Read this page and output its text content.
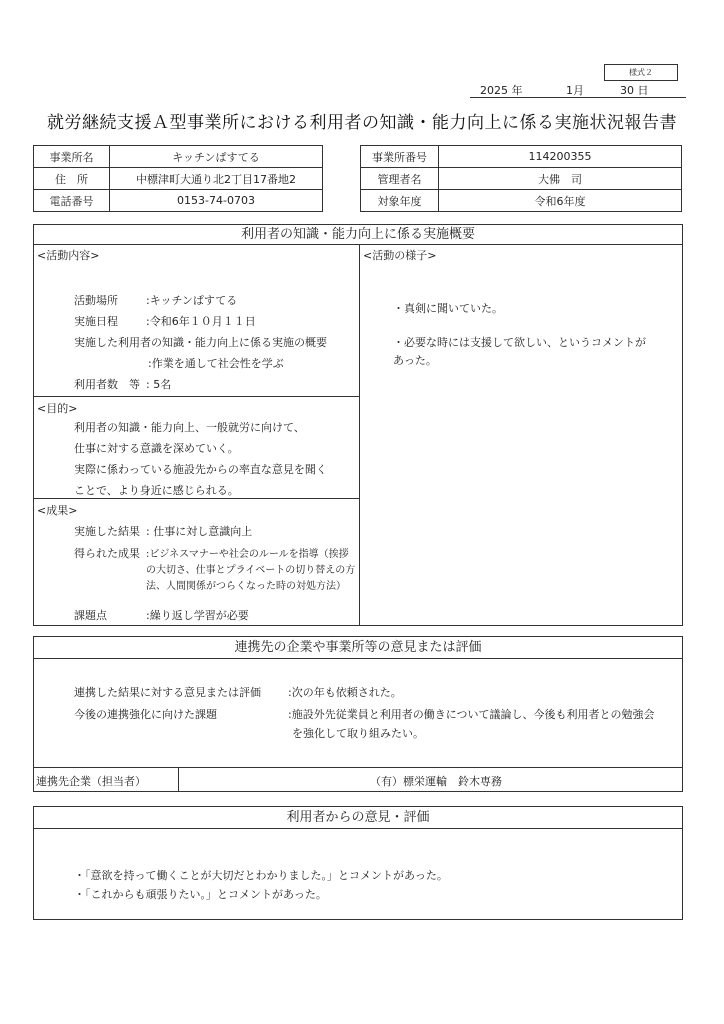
様式２
2025 年	1月	30 日
就労継続支援Ａ型事業所における利用者の知識・能力向上に係る実施状況報告書
事業所名	キッチンぱすてる
住　所	中標津町大通り北2丁目17番地2
電話番号	0153-74-0703
事業所番号	114200355
管理者名	大佛　司
対象年度	令和6年度
利用者の知識・能力向上に係る実施概要
<活動内容>
活動場所	:キッチンぱすてる
実施日程	:令和6年１０月１１日
実施した利用者の知識・能力向上に係る実施の概要
:作業を通して社会性を学ぶ
利用者数　等 : 5名
<目的>
利用者の知識・能力向上、一般就労に向けて、
仕事に対する意識を深めていく。
実際に係わっている施設先からの率直な意見を聞く
ことで、より身近に感じられる。
<成果>
実施した結果 : 仕事に対し意識向上
得られた成果 :ビジネスマナーや社会のルールを指導（挨拶
の大切さ、仕事とプライベートの切り替えの方
法、人間関係がつらくなった時の対処方法）
課題点	:繰り返し学習が必要
<活動の様子>
・真剣に聞いていた。
・必要な時には支援して欲しい、というコメントが
あった。
連携先の企業や事業所等の意見または評価
連携した結果に対する意見または評価 :次の年も依頼された。
今後の連携強化に向けた課題	:施設外先従業員と利用者の働きについて議論し、今後も利用者との勉強会
を強化して取り組みたい。
連携先企業（担当者）	（有）標栄運輸　鈴木専務
利用者からの意見・評価
・「意欲を持って働くことが大切だとわかりました。」とコメントがあった。
・「これからも頑張りたい。」とコメントがあった。
